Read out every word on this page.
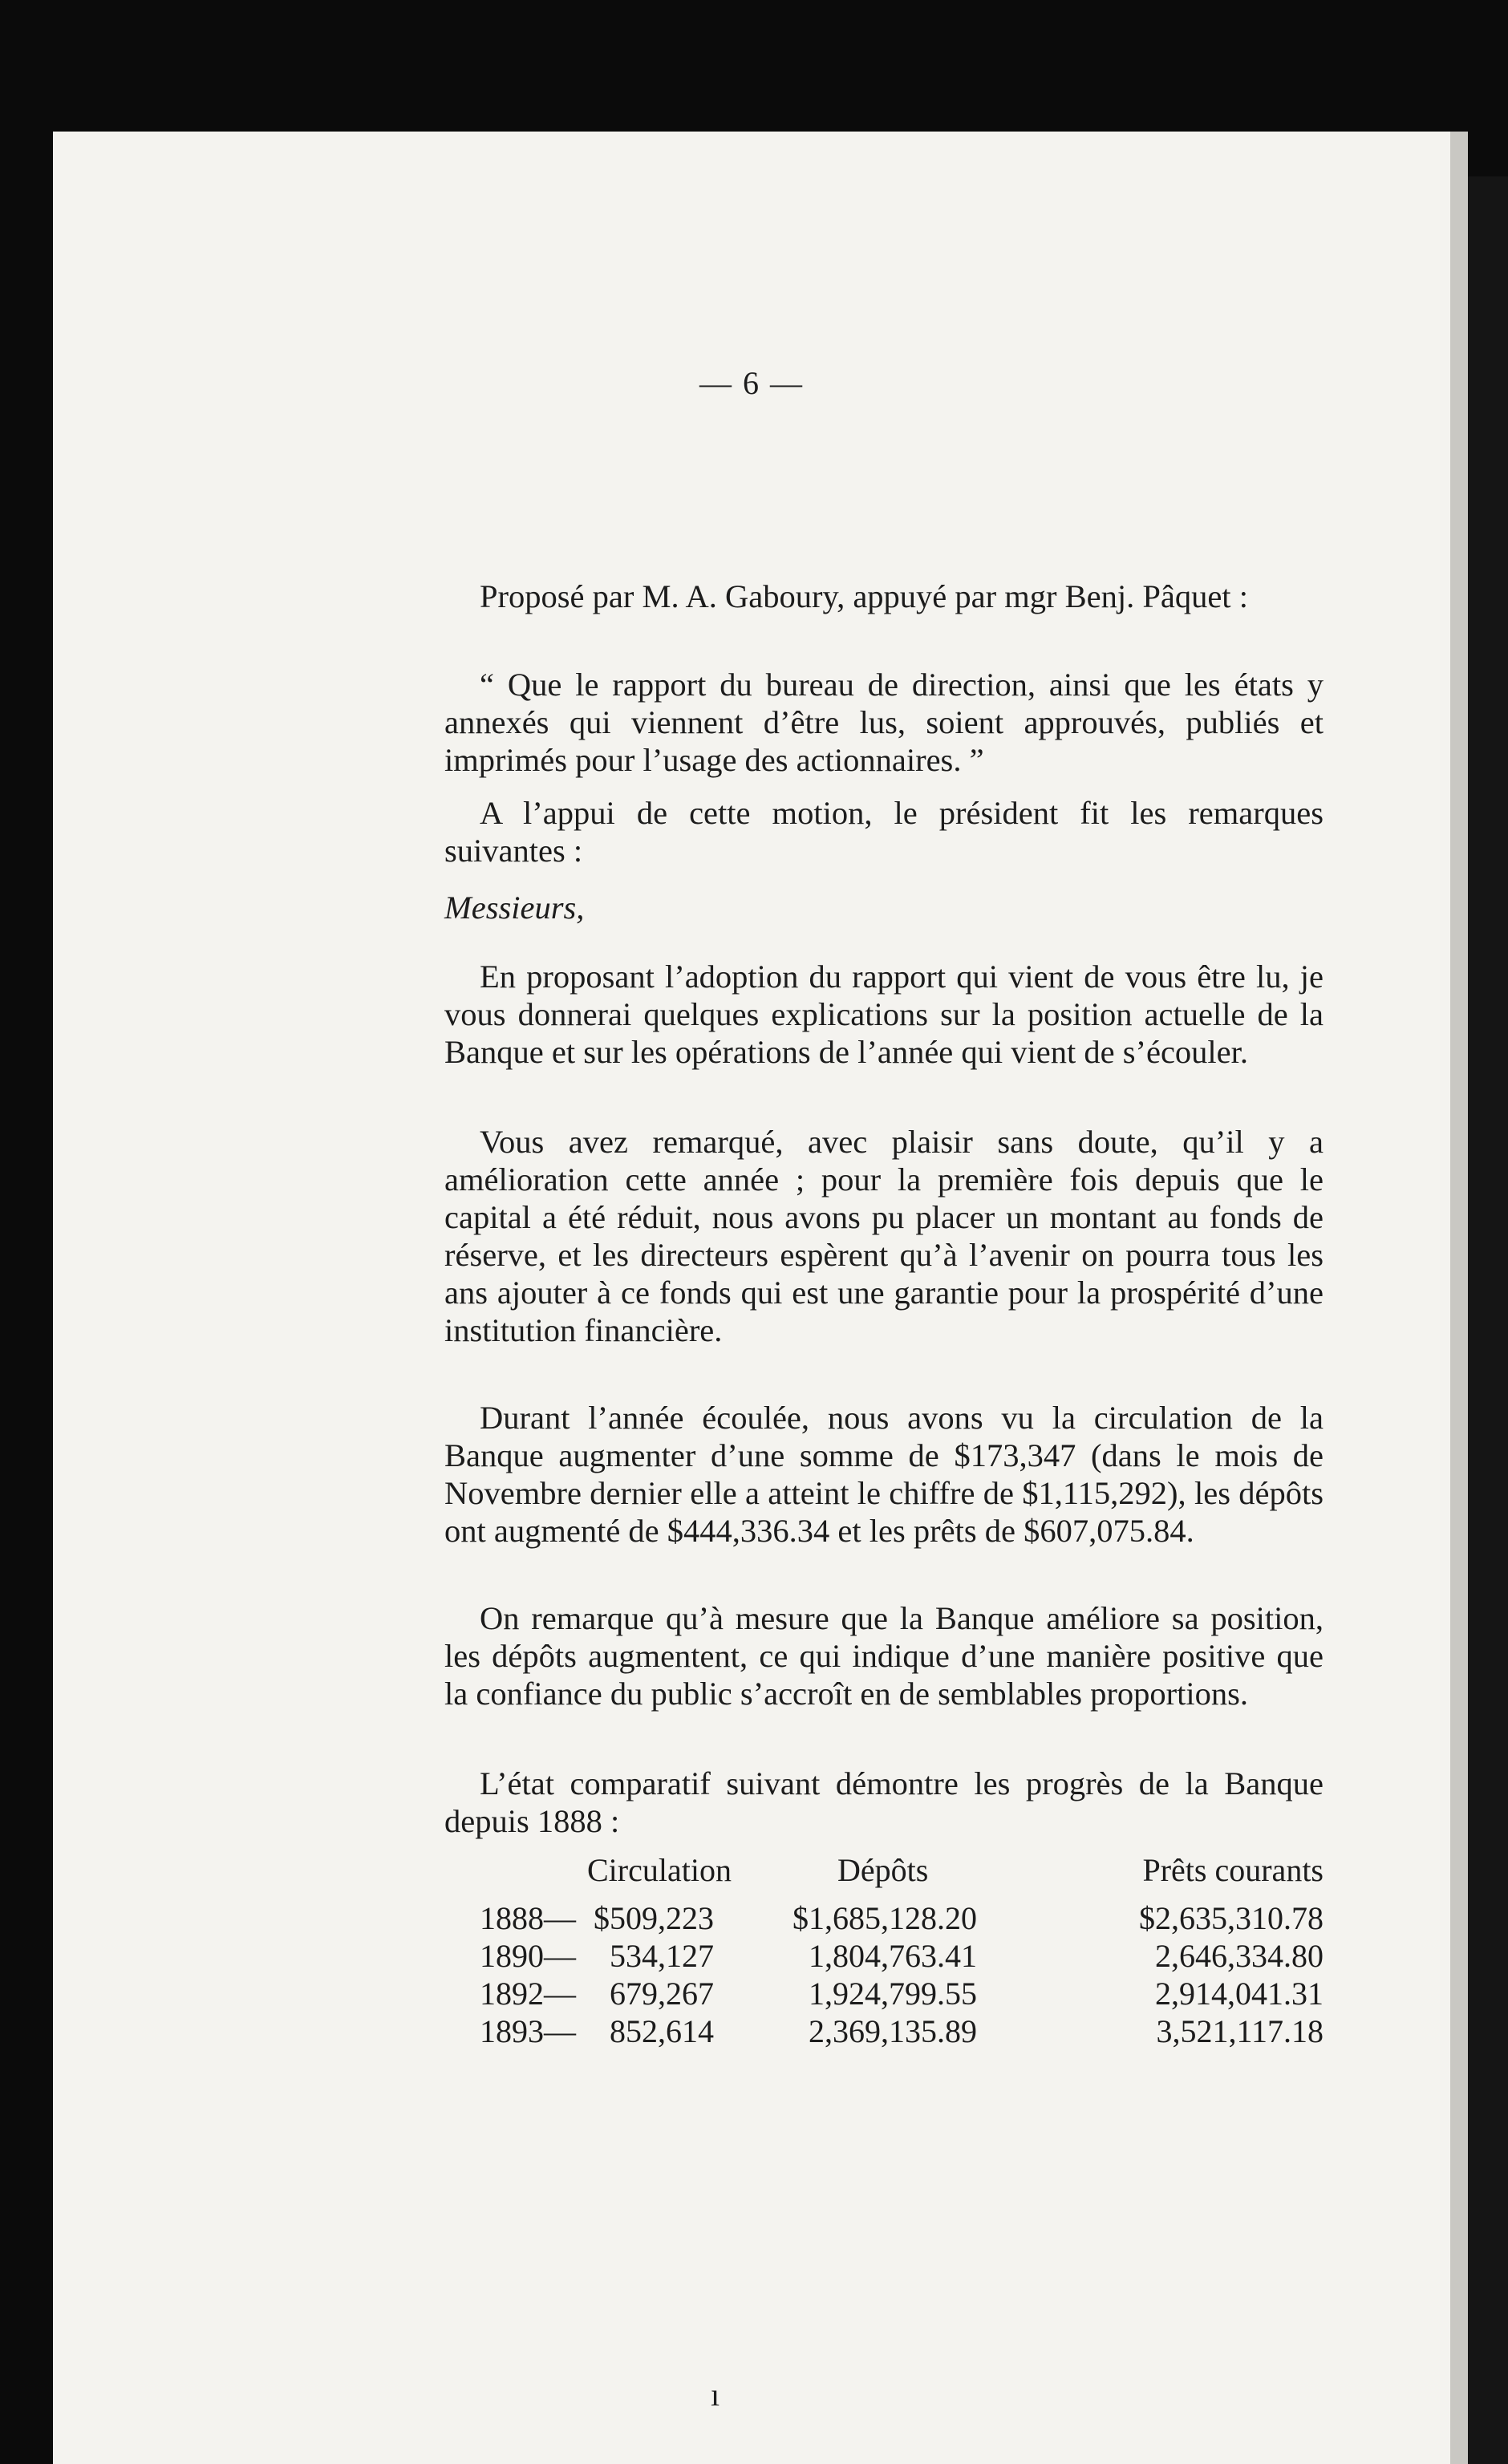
— 6 —

Proposé par M. A. Gaboury, appuyé par mgr Benj. Pâquet :

“ Que le rapport du bureau de direction, ainsi que les états y annexés qui viennent d’être lus, soient approuvés, publiés et imprimés pour l’usage des actionnaires. ”

A l’appui de cette motion, le président fit les remarques suivantes :

Messieurs,

En proposant l’adoption du rapport qui vient de vous être lu, je vous donnerai quelques explications sur la position actuelle de la Banque et sur les opérations de l’année qui vient de s’écouler.

Vous avez remarqué, avec plaisir sans doute, qu’il y a amélioration cette année ; pour la première fois depuis que le capital a été réduit, nous avons pu placer un montant au fonds de réserve, et les directeurs espèrent qu’à l’avenir on pourra tous les ans ajouter à ce fonds qui est une garantie pour la prospérité d’une institution financière.

Durant l’année écoulée, nous avons vu la circulation de la Banque augmenter d’une somme de $173,347 (dans le mois de Novembre dernier elle a atteint le chiffre de $1,115,292), les dépôts ont augmenté de $444,336.34 et les prêts de $607,075.84.

On remarque qu’à mesure que la Banque améliore sa position, les dépôts augmentent, ce qui indique d’une manière positive que la confiance du public s’accroît en de semblables proportions.

L’état comparatif suivant démontre les progrès de la Banque depuis 1888 :

Circulation	Dépôts	Prêts courants
1888— $509,223 $1,685,128.20	$2,635,310.78
1890— 534,127	1,804,763.41	2,646,334.80
1892— 679,267	1,924,799.55	2,914,041.31
1893— 852,614	2,369,135.89	3,521,117.18
ı
